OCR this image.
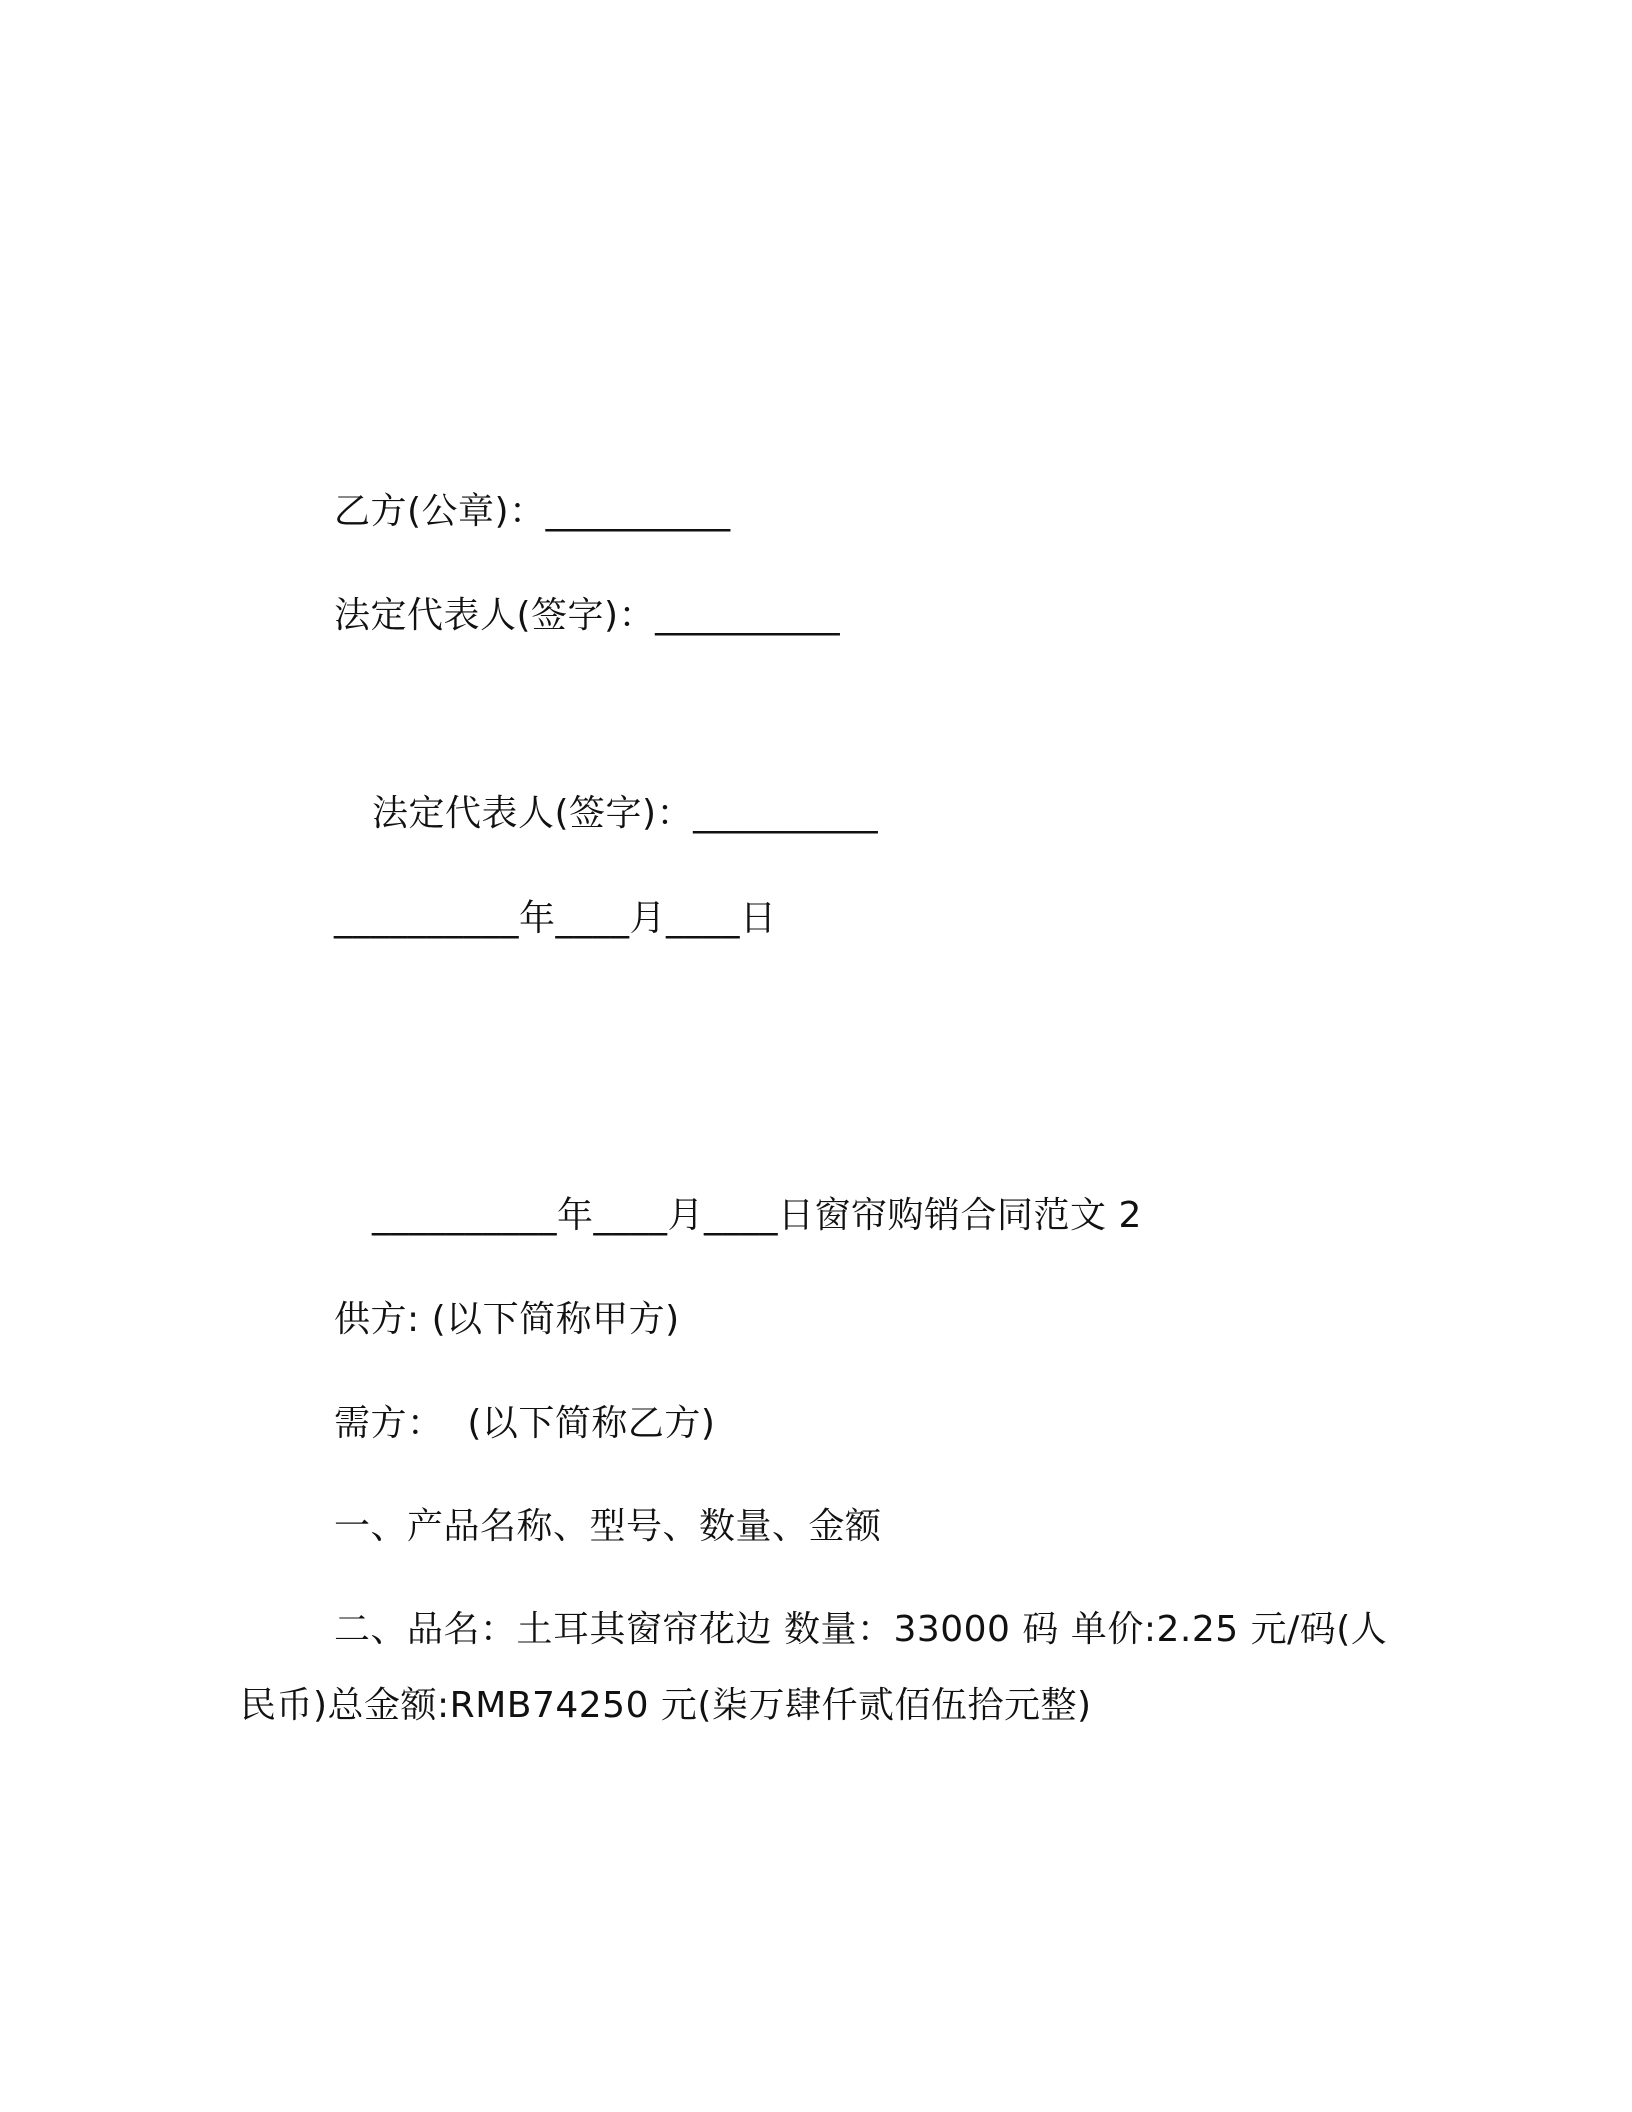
乙方(公章)：__________
法定代表人(签字)：__________
法定代表人(签字)：__________
__________年____月____日
__________年____月____日窗帘购销合同范文 2
供方: (以下简称甲方)
需方：  (以下简称乙方)
一、产品名称、型号、数量、金额
二、品名：土耳其窗帘花边 数量：33000 码 单价:2.25 元/码(人
民币)总金额:RMB74250 元(柒万肆仟贰佰伍拾元整)
